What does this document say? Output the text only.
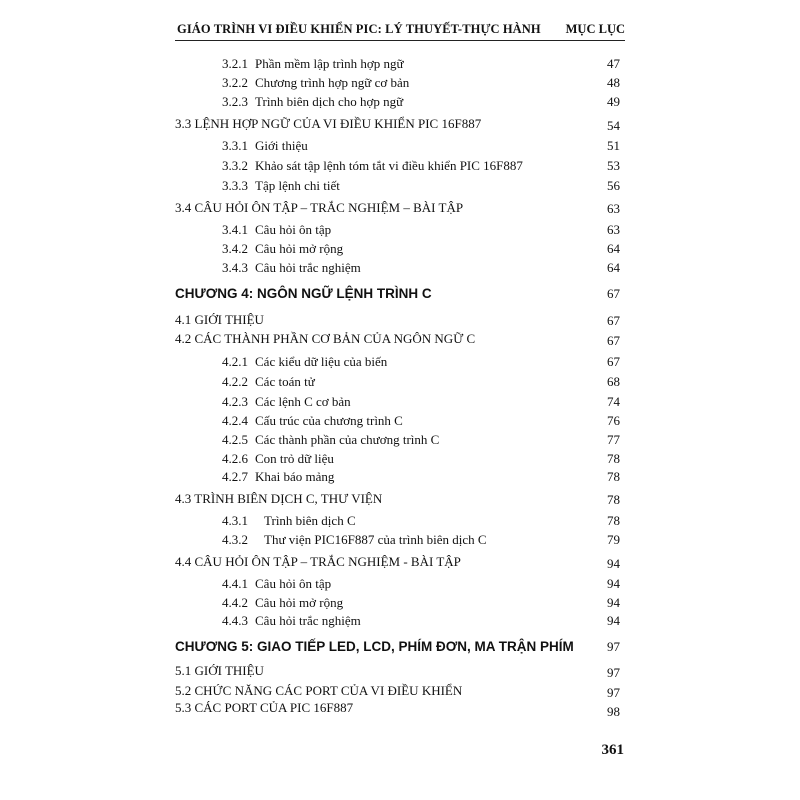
GIÁO TRÌNH VI ĐIỀU KHIỂN PIC: LÝ THUYẾT-THỰC HÀNH MỤC LỤC
3.2.1 Phần mềm lập trình hợp ngữ	47
3.2.2 Chương trình hợp ngữ cơ bản	48
3.2.3 Trình biên dịch cho hợp ngữ	49
3.3 LỆNH HỢP NGỮ CỦA VI ĐIỀU KHIỂN PIC 16F887	54
3.3.1 Giới thiệu	51
3.3.2 Khảo sát tập lệnh tóm tắt vi điều khiển PIC 16F887	53
3.3.3 Tập lệnh chi tiết	56
3.4 CÂU HỎI ÔN TẬP – TRẮC NGHIỆM – BÀI TẬP	63
3.4.1 Câu hỏi ôn tập	63
3.4.2 Câu hỏi mở rộng	64
3.4.3 Câu hỏi trắc nghiệm	64
CHƯƠNG 4: NGÔN NGỮ LỆNH TRÌNH C	67
4.1 GIỚI THIỆU	67
4.2 CÁC THÀNH PHẦN CƠ BẢN CỦA NGÔN NGỮ C	67
4.2.1 Các kiểu dữ liệu của biến	67
4.2.2 Các toán tử	68
4.2.3 Các lệnh C cơ bản	74
4.2.4 Cấu trúc của chương trình C	76
4.2.5 Các thành phần của chương trình C	77
4.2.6 Con trỏ dữ liệu	78
4.2.7 Khai báo mảng	78
4.3 TRÌNH BIÊN DỊCH C, THƯ VIỆN	78
4.3.1 Trình biên dịch C	78
4.3.2 Thư viện PIC16F887 của trình biên dịch C	79
4.4 CÂU HỎI ÔN TẬP – TRẮC NGHIỆM - BÀI TẬP	94
4.4.1 Câu hỏi ôn tập	94
4.4.2 Câu hỏi mở rộng	94
4.4.3 Câu hỏi trắc nghiệm	94
CHƯƠNG 5: GIAO TIẾP LED, LCD, PHÍM ĐƠN, MA TRẬN PHÍM	97
5.1 GIỚI THIỆU	97
5.2 CHỨC NĂNG CÁC PORT CỦA VI ĐIỀU KHIỂN	97
5.3 CÁC PORT CỦA PIC 16F887	98
361
